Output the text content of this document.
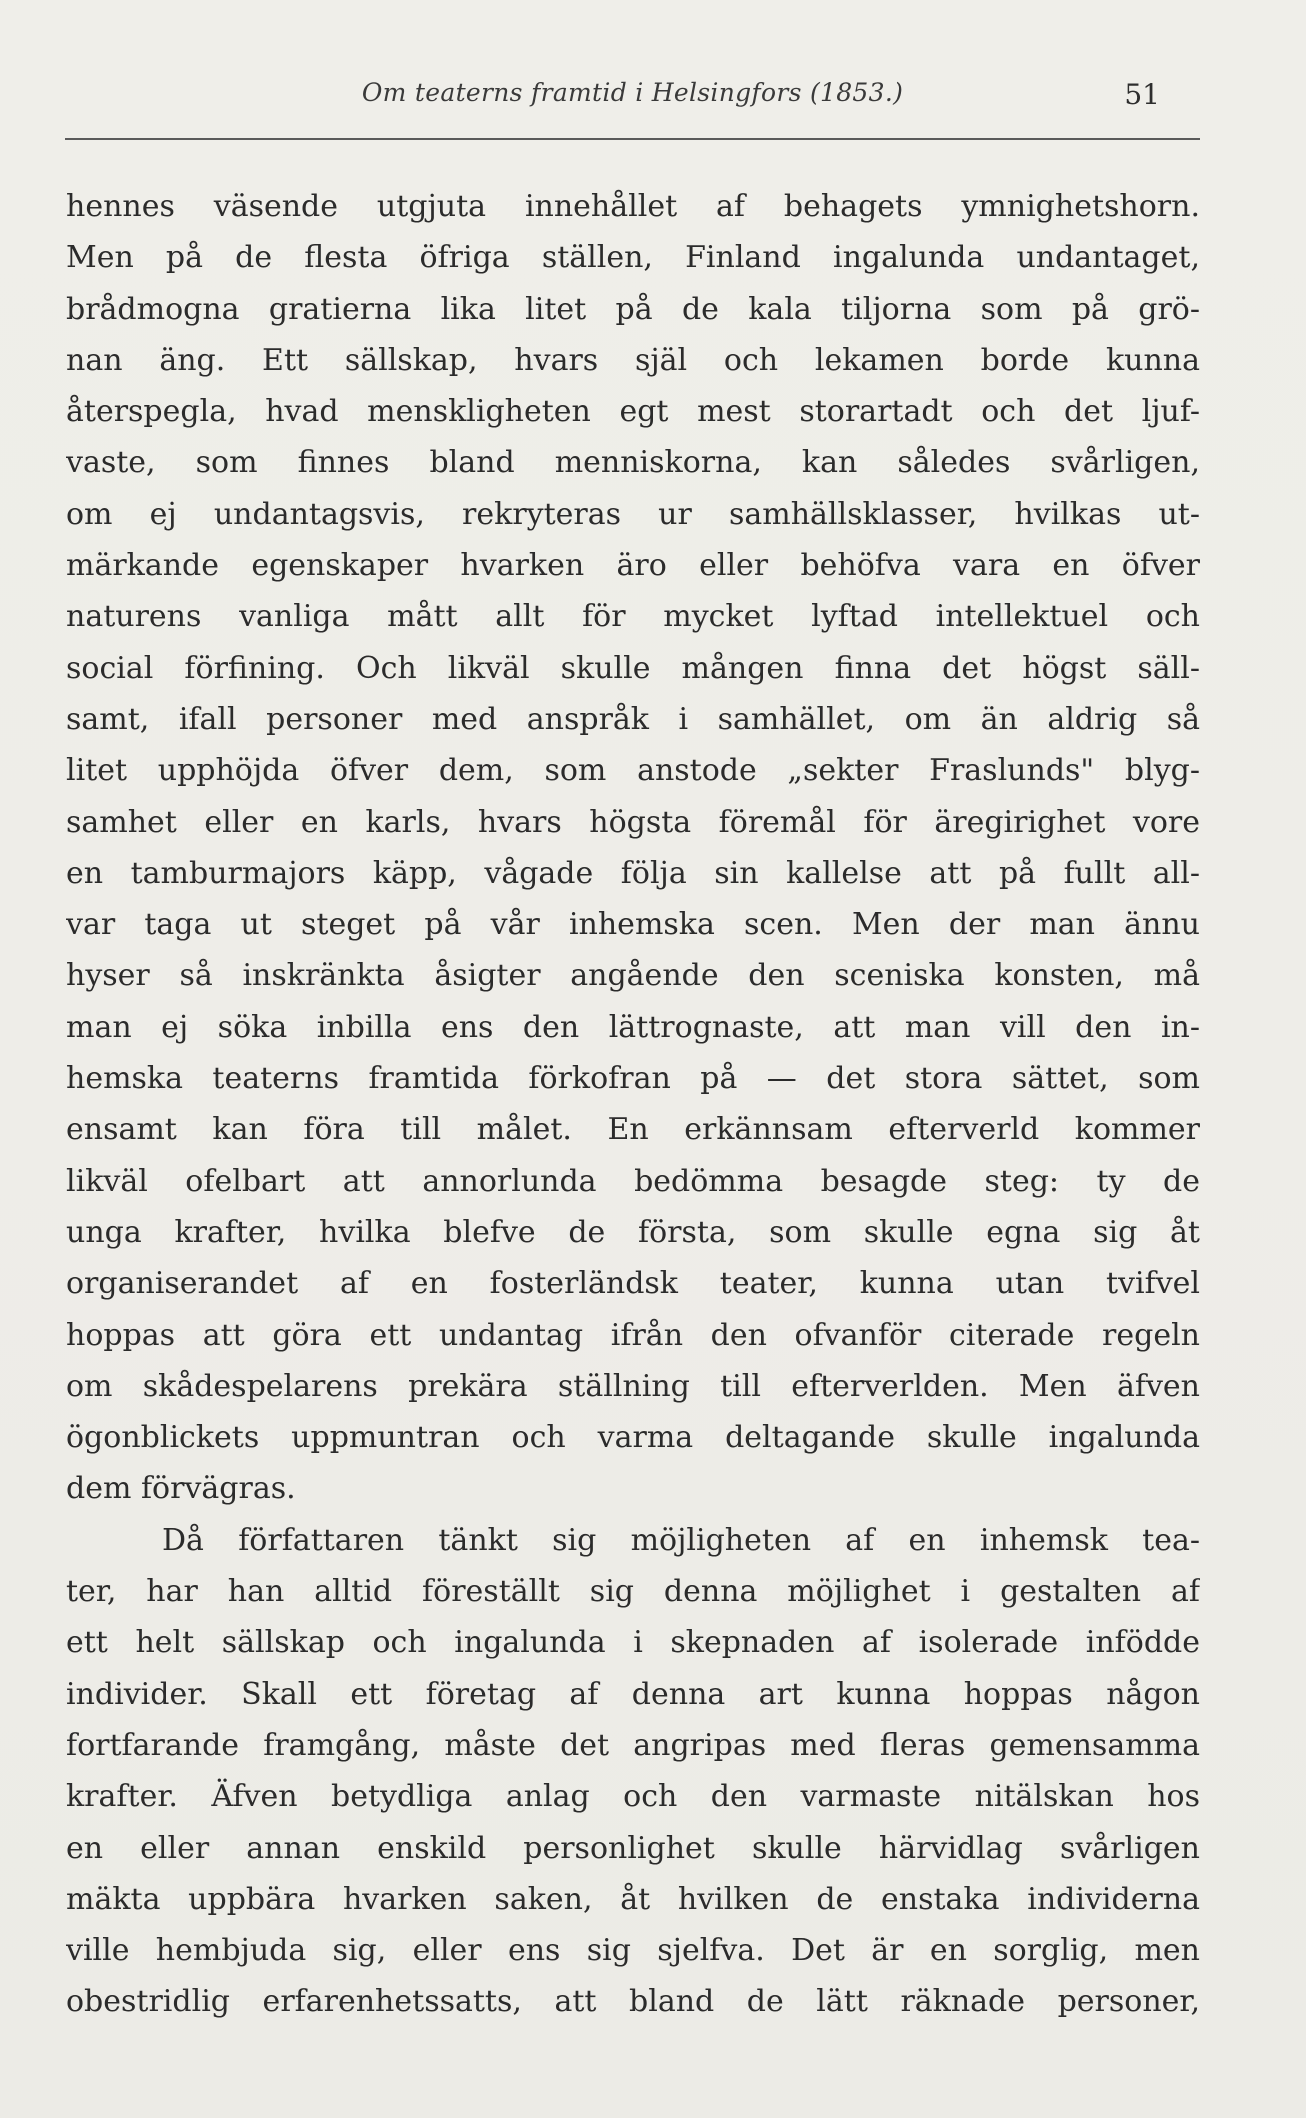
Om teaterns framtid i Helsingfors (1853.)	51
hennes väsende utgjuta innehållet af behagets ymnighetshorn.
Men på de flesta öfriga ställen, Finland ingalunda undantaget,
brådmogna gratierna lika litet på de kala tiljorna som på grö-
nan äng. Ett sällskap, hvars själ och lekamen borde kunna
återspegla, hvad menskligheten egt mest storartadt och det ljuf-
vaste, som finnes bland menniskorna, kan således svårligen,
om ej undantagsvis, rekryteras ur samhällsklasser, hvilkas ut-
märkande egenskaper hvarken äro eller behöfva vara en öfver
naturens vanliga mått allt för mycket lyftad intellektuel och
social förfining. Och likväl skulle mången finna det högst säll-
samt, ifall personer med anspråk i samhället, om än aldrig så
litet upphöjda öfver dem, som anstode „sekter Fraslunds" blyg-
samhet eller en karls, hvars högsta föremål för äregirighet vore
en tamburmajors käpp, vågade följa sin kallelse att på fullt all-
var taga ut steget på vår inhemska scen. Men der man ännu
hyser så inskränkta åsigter angående den sceniska konsten, må
man ej söka inbilla ens den lättrognaste, att man vill den in-
hemska teaterns framtida förkofran på — det stora sättet, som
ensamt kan föra till målet. En erkännsam efterverld kommer
likväl ofelbart att annorlunda bedömma besagde steg: ty de
unga krafter, hvilka blefve de första, som skulle egna sig åt
organiserandet af en fosterländsk teater, kunna utan tvifvel
hoppas att göra ett undantag ifrån den ofvanför citerade regeln
om skådespelarens prekära ställning till efterverlden. Men äfven
ögonblickets uppmuntran och varma deltagande skulle ingalunda
dem förvägras.
Då författaren tänkt sig möjligheten af en inhemsk tea-
ter, har han alltid föreställt sig denna möjlighet i gestalten af
ett helt sällskap och ingalunda i skepnaden af isolerade infödde
individer. Skall ett företag af denna art kunna hoppas någon
fortfarande framgång, måste det angripas med fleras gemensamma
krafter. Äfven betydliga anlag och den varmaste nitälskan hos
en eller annan enskild personlighet skulle härvidlag svårligen
mäkta uppbära hvarken saken, åt hvilken de enstaka individerna
ville hembjuda sig, eller ens sig sjelfva. Det är en sorglig, men
obestridlig erfarenhetssatts, att bland de lätt räknade personer,
